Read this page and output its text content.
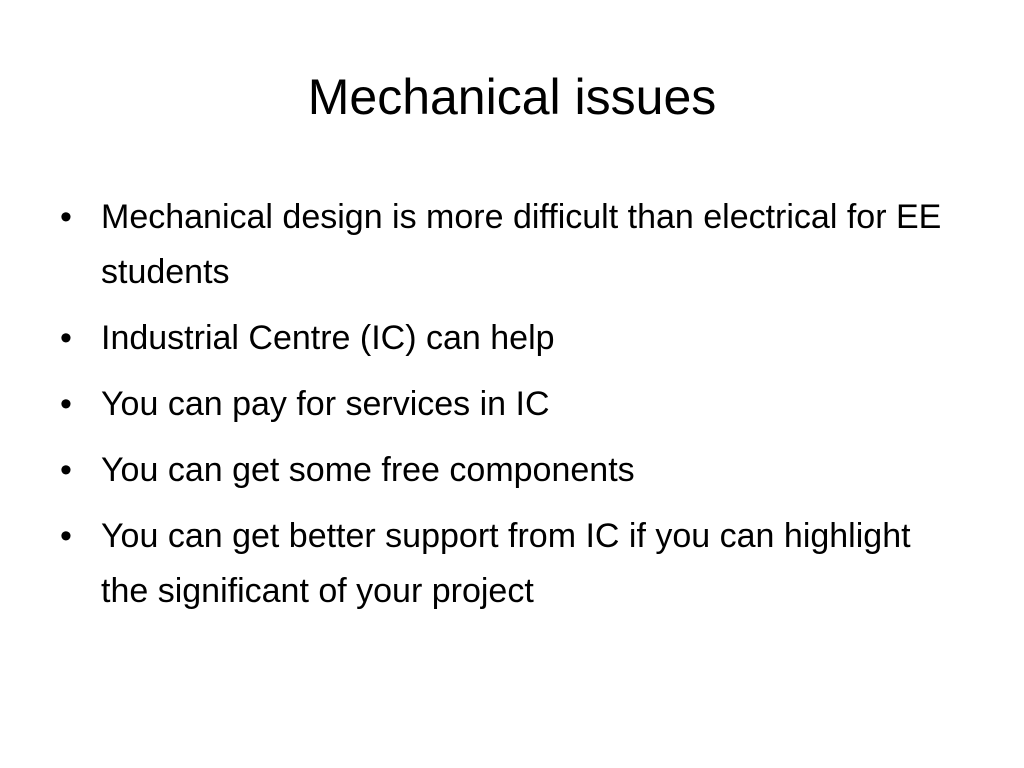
Mechanical issues
• Mechanical design is more difficult than electrical for EE students
• Industrial Centre (IC) can help
• You can pay for services in IC
• You can get some free components
• You can get better support from IC if you can highlight the significant of your project
